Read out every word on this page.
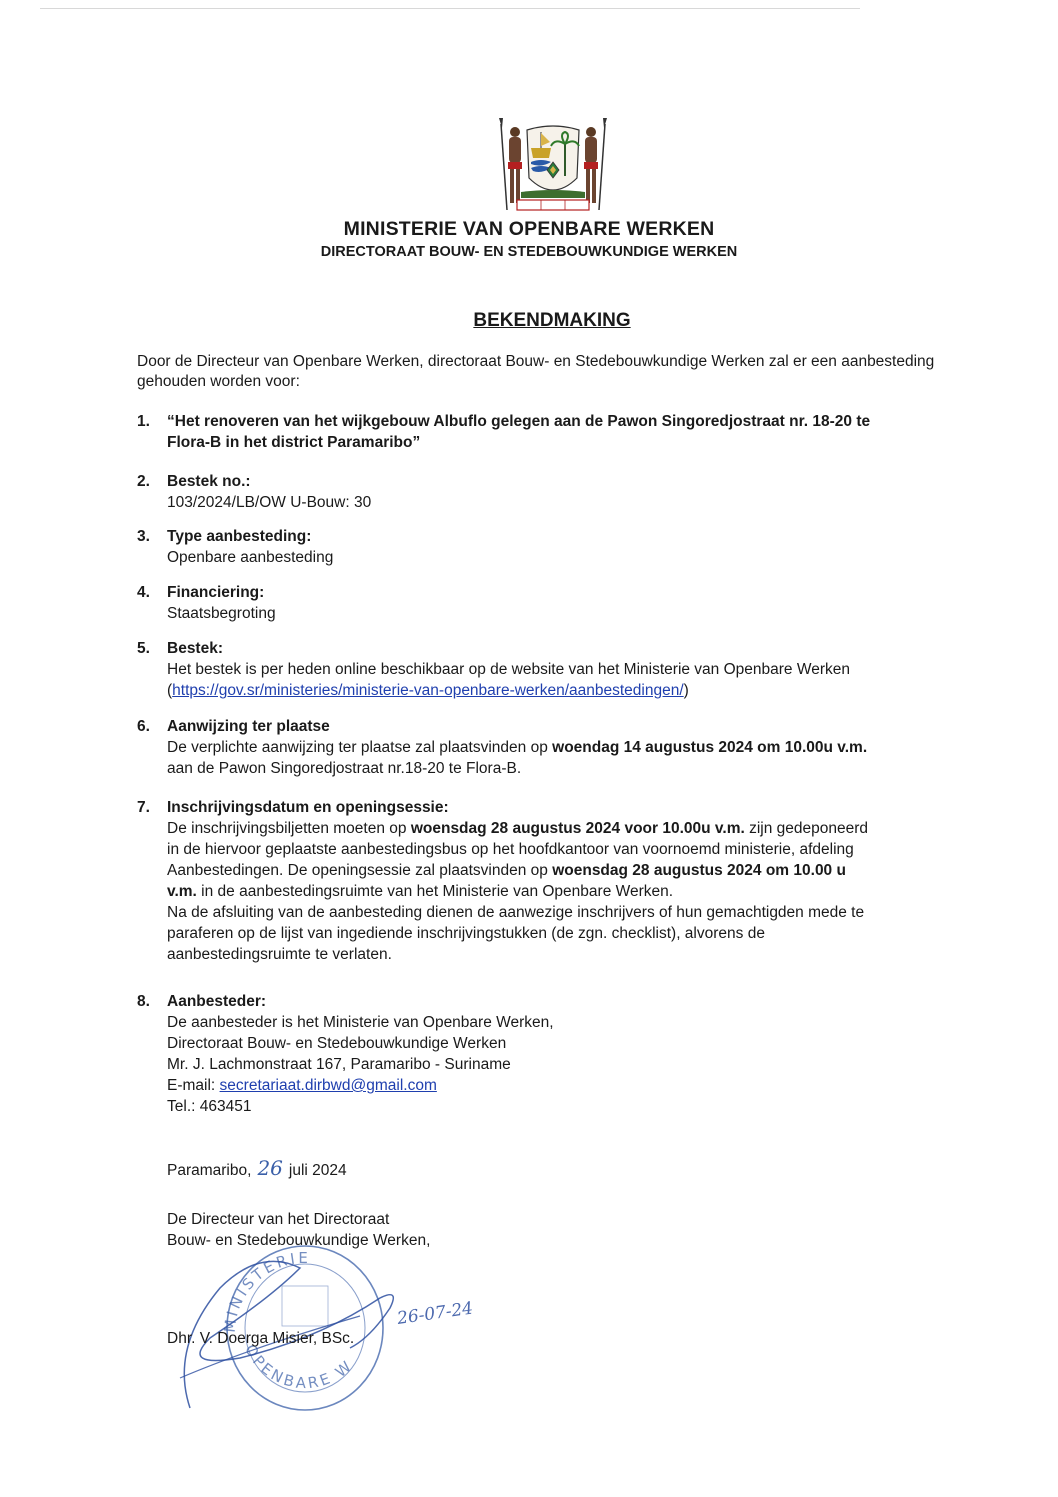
MINISTERIE VAN OPENBARE WERKEN
DIRECTORAAT BOUW- EN STEDEBOUWKUNDIGE WERKEN
BEKENDMAKING
Door de Directeur van Openbare Werken, directoraat Bouw- en Stedebouwkundige Werken zal er een aanbesteding gehouden worden voor:
1. “Het renoveren van het wijkgebouw Albuflo gelegen aan de Pawon Singoredjostraat nr. 18-20 te
Flora-B in het district Paramaribo”
2. Bestek no.:
103/2024/LB/OW U-Bouw: 30
3. Type aanbesteding:
Openbare aanbesteding
4. Financiering:
Staatsbegroting
5. Bestek:
Het bestek is per heden online beschikbaar op de website van het Ministerie van Openbare Werken
(https://gov.sr/ministeries/ministerie-van-openbare-werken/aanbestedingen/)
6. Aanwijzing ter plaatse
De verplichte aanwijzing ter plaatse zal plaatsvinden op woendag 14 augustus 2024 om 10.00u v.m.
aan de Pawon Singoredjostraat nr.18-20 te Flora-B.
7. Inschrijvingsdatum en openingsessie:
De inschrijvingsbiljetten moeten op woensdag 28 augustus 2024 voor 10.00u v.m. zijn gedeponeerd
in de hiervoor geplaatste aanbestedingsbus op het hoofdkantoor van voornoemd ministerie, afdeling
Aanbestedingen. De openingsessie zal plaatsvinden op woensdag 28 augustus 2024 om 10.00 u
v.m. in de aanbestedingsruimte van het Ministerie van Openbare Werken.
Na de afsluiting van de aanbesteding dienen de aanwezige inschrijvers of hun gemachtigden mede te
paraferen op de lijst van ingediende inschrijvingstukken (de zgn. checklist), alvorens de
aanbestedingsruimte te verlaten.
8. Aanbesteder:
De aanbesteder is het Ministerie van Openbare Werken,
Directoraat Bouw- en Stedebouwkundige Werken
Mr. J. Lachmonstraat 167, Paramaribo - Suriname
E-mail: secretariaat.dirbwd@gmail.com
Tel.: 463451
Paramaribo, 26 juli 2024
De Directeur van het Directoraat
Bouw- en Stedebouwkundige Werken,
MINISTERIE
OPENBARE W
26-07-24
Dhr. V. Doerga Misier, BSc.
